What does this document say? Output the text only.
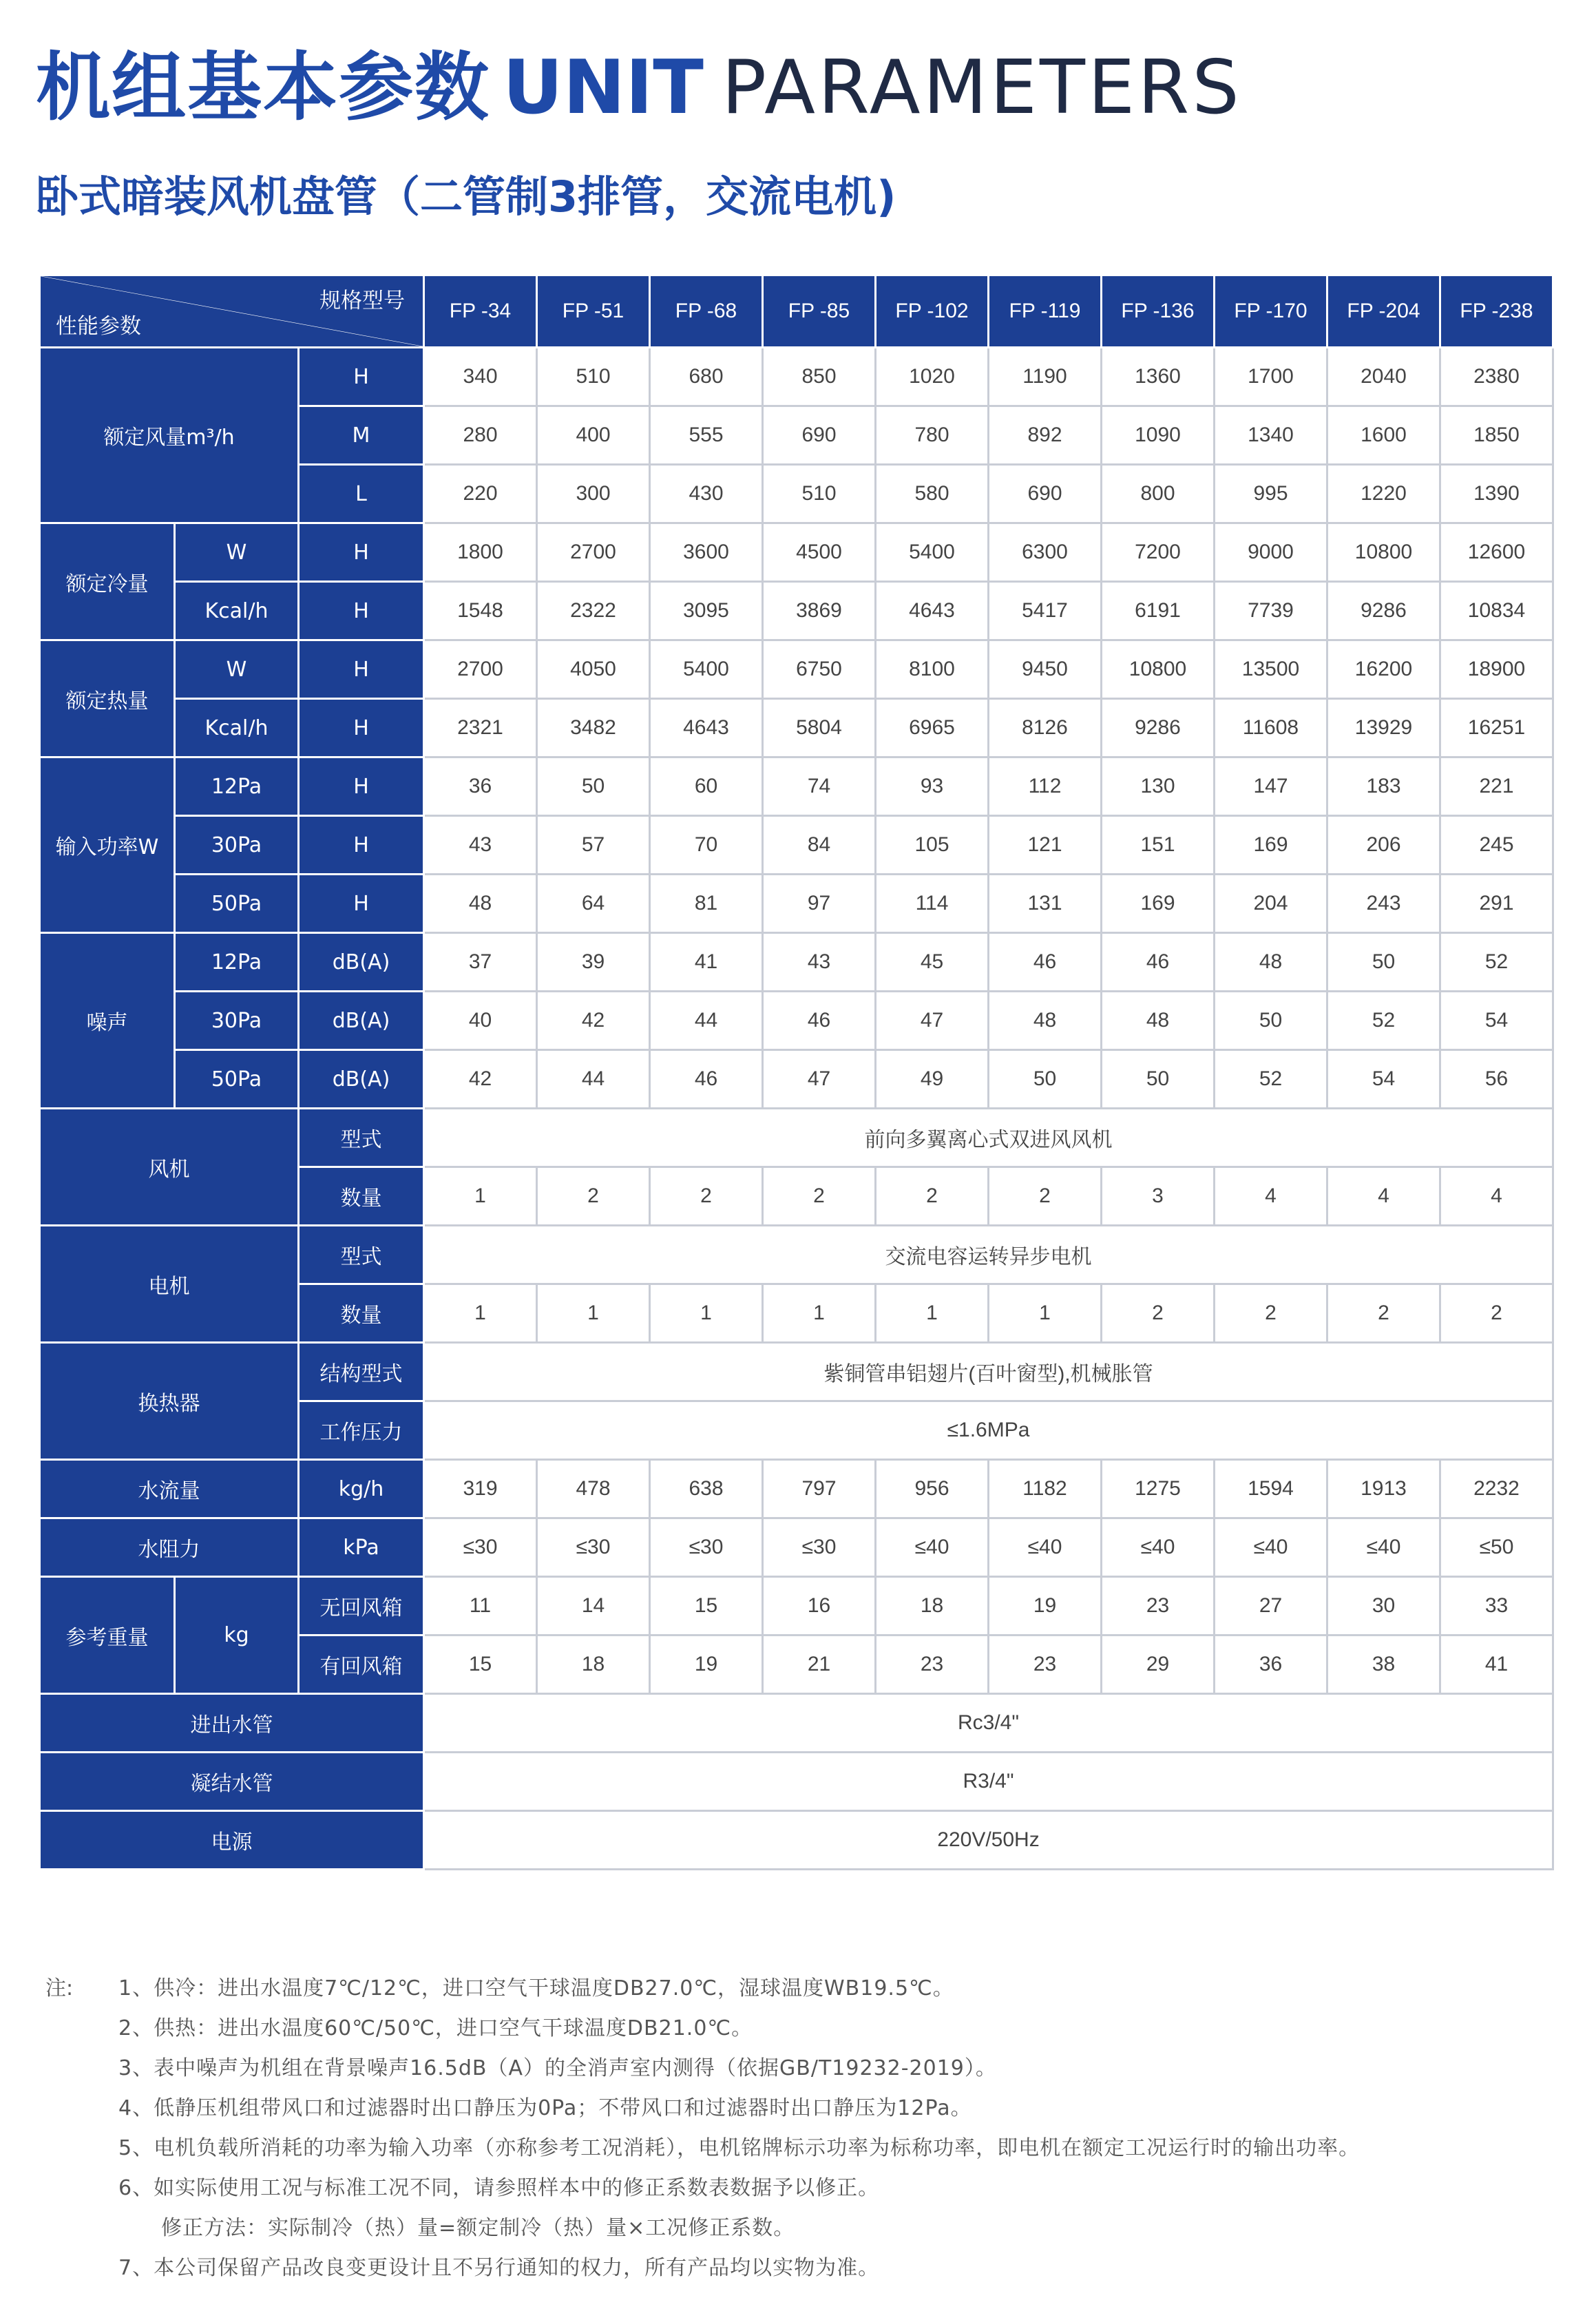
机组基本参数 UNIT PARAMETERS
卧式暗装风机盘管（二管制3排管，交流电机)
规格型号
性能参数			FP -34	FP -51	FP -68	FP -85	FP -102	FP -119	FP -136	FP -170	FP -204	FP -238
额定风量m³/h		H	340	510	680	850	1020	1190	1360	1700	2040	2380
		M	280	400	555	690	780	892	1090	1340	1600	1850
		L	220	300	430	510	580	690	800	995	1220	1390
额定冷量	W	H	1800	2700	3600	4500	5400	6300	7200	9000	10800	12600
	Kcal/h	H	1548	2322	3095	3869	4643	5417	6191	7739	9286	10834
额定热量	W	H	2700	4050	5400	6750	8100	9450	10800	13500	16200	18900
	Kcal/h	H	2321	3482	4643	5804	6965	8126	9286	11608	13929	16251
输入功率W	12Pa	H	36	50	60	74	93	112	130	147	183	221
	30Pa	H	43	57	70	84	105	121	151	169	206	245
	50Pa	H	48	64	81	97	114	131	169	204	243	291
噪声	12Pa	dB(A)	37	39	41	43	45	46	46	48	50	52
	30Pa	dB(A)	40	42	44	46	47	48	48	50	52	54
	50Pa	dB(A)	42	44	46	47	49	50	50	52	54	56
风机		型式	前向多翼离心式双进风风机									
		数量	1	2	2	2	2	2	3	4	4	4
电机		型式	交流电容运转异步电机									
		数量	1	1	1	1	1	1	2	2	2	2
换热器		结构型式	紫铜管串铝翅片(百叶窗型),机械胀管									
		工作压力	≤1.6MPa									
水流量		kg/h	319	478	638	797	956	1182	1275	1594	1913	2232
水阻力		kPa	≤30	≤30	≤30	≤30	≤40	≤40	≤40	≤40	≤40	≤50
参考重量	kg	无回风箱	11	14	15	16	18	19	23	27	30	33
		有回风箱	15	18	19	21	23	23	29	36	38	41
进出水管			Rc3/4"									
凝结水管			R3/4"									
电源			220V/50Hz									
注: 1、供冷：进出水温度7℃/12℃，进口空气干球温度DB27.0℃，湿球温度WB19.5℃。
2、供热：进出水温度60℃/50℃，进口空气干球温度DB21.0℃。
3、表中噪声为机组在背景噪声16.5dB（A）的全消声室内测得（依据GB/T19232-2019）。
4、低静压机组带风口和过滤器时出口静压为0Pa；不带风口和过滤器时出口静压为12Pa。
5、电机负载所消耗的功率为输入功率（亦称参考工况消耗），电机铭牌标示功率为标称功率，即电机在额定工况运行时的输出功率。
6、如实际使用工况与标准工况不同，请参照样本中的修正系数表数据予以修正。
　　修正方法：实际制冷（热）量=额定制冷（热）量×工况修正系数。
7、本公司保留产品改良变更设计且不另行通知的权力，所有产品均以实物为准。
